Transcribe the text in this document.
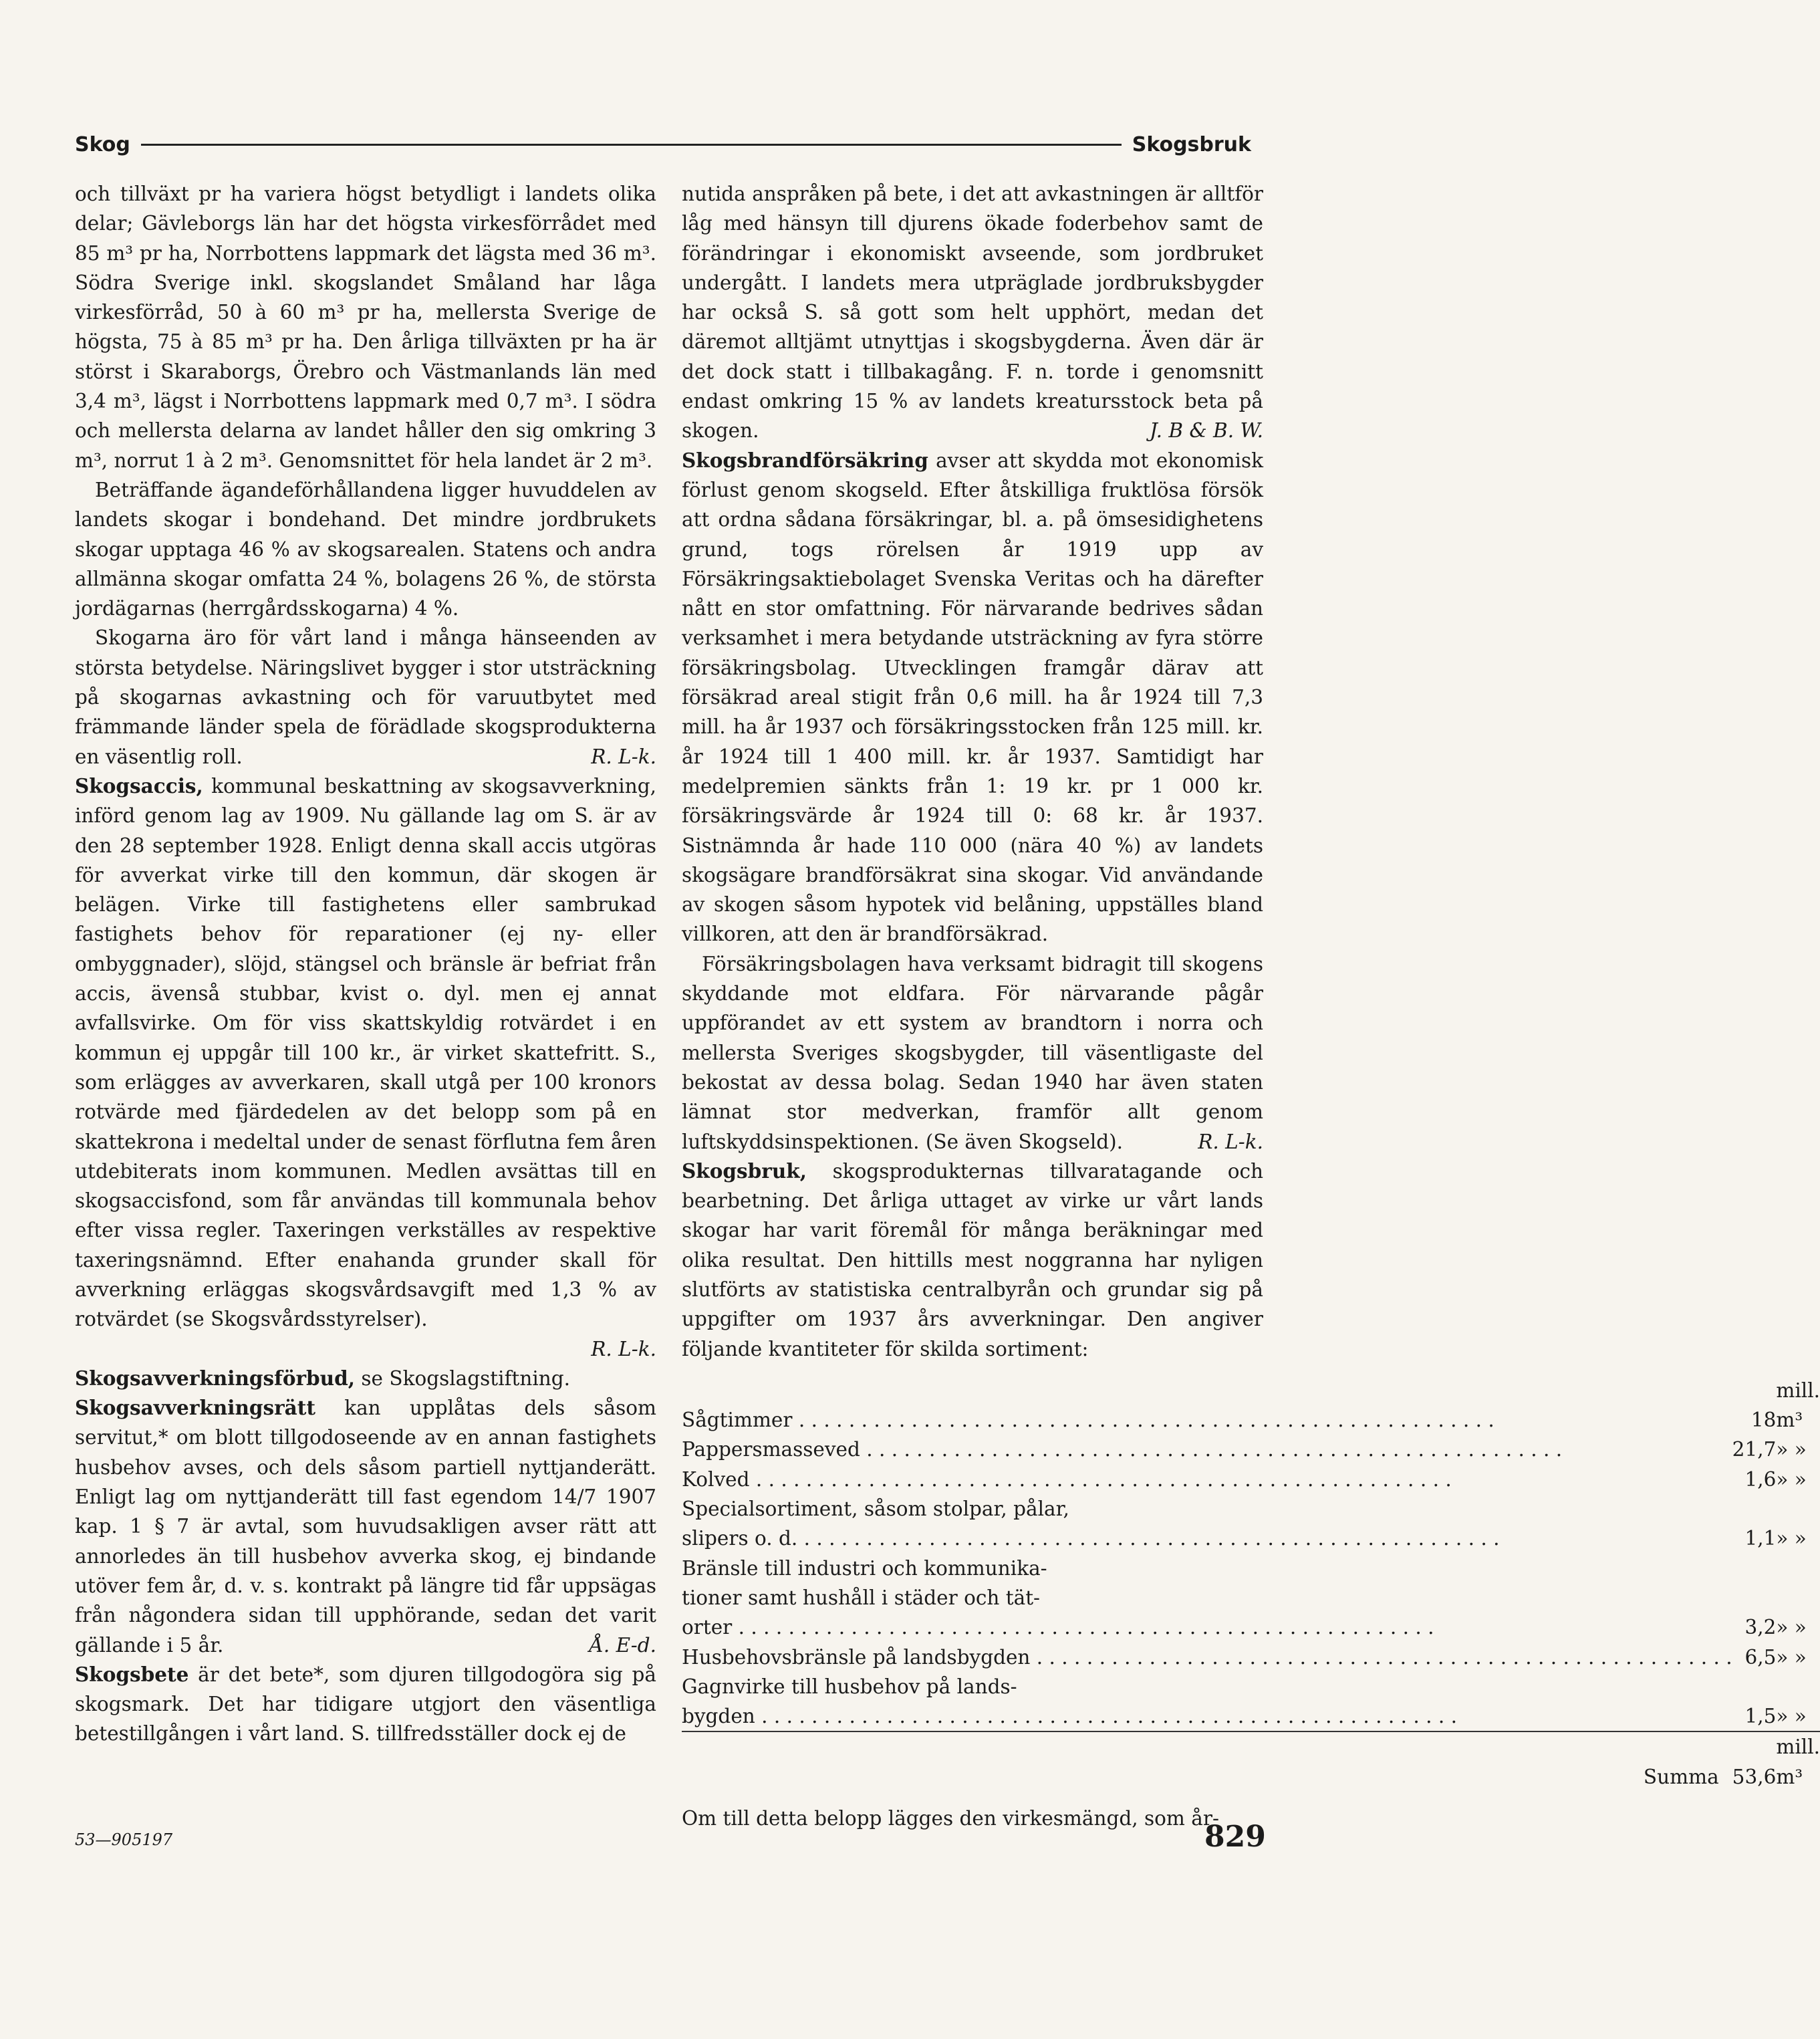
Skog	Skogsbruk

och tillväxt pr ha variera högst betydligt i landets olika delar; Gävleborgs län har det högsta virkesförrådet med 85 m³ pr ha, Norrbottens lappmark det lägsta med 36 m³. Södra Sverige inkl. skogslandet Småland har låga virkesförråd, 50 à 60 m³ pr ha, mellersta Sverige de högsta, 75 à 85 m³ pr ha. Den årliga tillväxten pr ha är störst i Skaraborgs, Örebro och Västmanlands län med 3,4 m³, lägst i Norrbottens lappmark med 0,7 m³. I södra och mellersta delarna av landet håller den sig omkring 3 m³, norrut 1 à 2 m³. Genomsnittet för hela landet är 2 m³.

Beträffande ägandeförhållandena ligger huvuddelen av landets skogar i bondehand. Det mindre jordbrukets skogar upptaga 46 % av skogsarealen. Statens och andra allmänna skogar omfatta 24 %, bolagens 26 %, de största jordägarnas (herrgårdsskogarna) 4 %.

Skogarna äro för vårt land i många hänseenden av största betydelse. Näringslivet bygger i stor utsträckning på skogarnas avkastning och för varuutbytet med främmande länder spela de förädlade skogsprodukterna en väsentlig roll.	R. L-k.

Skogsaccis, kommunal beskattning av skogsavverkning, införd genom lag av 1909. Nu gällande lag om S. är av den 28 september 1928. Enligt denna skall accis utgöras för avverkat virke till den kommun, där skogen är belägen. Virke till fastighetens eller sambrukad fastighets behov för reparationer (ej ny- eller ombyggnader), slöjd, stängsel och bränsle är befriat från accis, ävenså stubbar, kvist o. dyl. men ej annat avfallsvirke. Om för viss skattskyldig rotvärdet i en kommun ej uppgår till 100 kr., är virket skattefritt. S., som erlägges av avverkaren, skall utgå per 100 kronors rotvärde med fjärdedelen av det belopp som på en skattekrona i medeltal under de senast förflutna fem åren utdebiterats inom kommunen. Medlen avsättas till en skogsaccisfond, som får användas till kommunala behov efter vissa regler. Taxeringen verkställes av respektive taxeringsnämnd. Efter enahanda grunder skall för avverkning erläggas skogsvårdsavgift med 1,3 % av rotvärdet (se Skogsvårdsstyrelser).
R. L-k.

Skogsavverkningsförbud, se Skogslagstiftning.

Skogsavverkningsrätt kan upplåtas dels såsom servitut,* om blott tillgodoseende av en annan fastighets husbehov avses, och dels såsom partiell nyttjanderätt. Enligt lag om nyttjanderätt till fast egendom 14/7 1907 kap. 1 § 7 är avtal, som huvudsakligen avser rätt att annorledes än till husbehov avverka skog, ej bindande utöver fem år, d. v. s. kontrakt på längre tid får uppsägas från någondera sidan till upphörande, sedan det varit gällande i 5 år.	Å. E-d.

Skogsbete är det bete*, som djuren tillgodogöra sig på skogsmark. Det har tidigare utgjort den väsentliga betestillgången i vårt land. S. tillfredsställer dock ej de

nutida anspråken på bete, i det att avkastningen är alltför låg med hänsyn till djurens ökade foderbehov samt de förändringar i ekonomiskt avseende, som jordbruket undergått. I landets mera utpräglade jordbruksbygder har också S. så gott som helt upphört, medan det däremot alltjämt utnyttjas i skogsbygderna. Även där är det dock statt i tillbakagång. F. n. torde i genomsnitt endast omkring 15 % av landets kreatursstock beta på skogen.	J. B & B. W.

Skogsbrandförsäkring avser att skydda mot ekonomisk förlust genom skogseld. Efter åtskilliga fruktlösa försök att ordna sådana försäkringar, bl. a. på ömsesidighetens grund, togs rörelsen år 1919 upp av Försäkringsaktiebolaget Svenska Veritas och ha därefter nått en stor omfattning. För närvarande bedrives sådan verksamhet i mera betydande utsträckning av fyra större försäkringsbolag. Utvecklingen framgår därav att försäkrad areal stigit från 0,6 mill. ha år 1924 till 7,3 mill. ha år 1937 och försäkringsstocken från 125 mill. kr. år 1924 till 1 400 mill. kr. år 1937. Samtidigt har medelpremien sänkts från 1: 19 kr. pr 1 000 kr. försäkringsvärde år 1924 till 0: 68 kr. år 1937. Sistnämnda år hade 110 000 (nära 40 %) av landets skogsägare brandförsäkrat sina skogar. Vid användande av skogen såsom hypotek vid belåning, uppställes bland villkoren, att den är brandförsäkrad.

Försäkringsbolagen hava verksamt bidragit till skogens skyddande mot eldfara. För närvarande pågår uppförandet av ett system av brandtorn i norra och mellersta Sveriges skogsbygder, till väsentligaste del bekostat av dessa bolag. Sedan 1940 har även staten lämnat stor medverkan, framför allt genom luftskyddsinspektionen. (Se även Skogseld).	R. L-k.

Skogsbruk, skogsprodukternas tillvaratagande och bearbetning. Det årliga uttaget av virke ur vårt lands skogar har varit föremål för många beräkningar med olika resultat. Den hittills mest noggranna har nyligen slutförts av statistiska centralbyrån och grundar sig på uppgifter om 1937 års avverkningar. Den angiver följande kvantiteter för skilda sortiment:

Sågtimmer . . .	18	mill. m³

Pappersmasseved . . .	21,7	» »

Kolved . . .	1,6	» »
Specialsortiment, såsom stolpar, pålar,		

slipers o. d. . . .	1,1	» »
Bränsle till industri och kommunika-		
tioner samt hushåll i städer och tät-		

orter . . .	3,2	» »

Husbehovsbränsle på landsbygden . . .	6,5	» »
Gagnvirke till husbehov på lands-		

bygden . . .	1,5	» »
Summa	53,6	mill. m³

Om till detta belopp lägges den virkesmängd, som år-

53—905197	829
